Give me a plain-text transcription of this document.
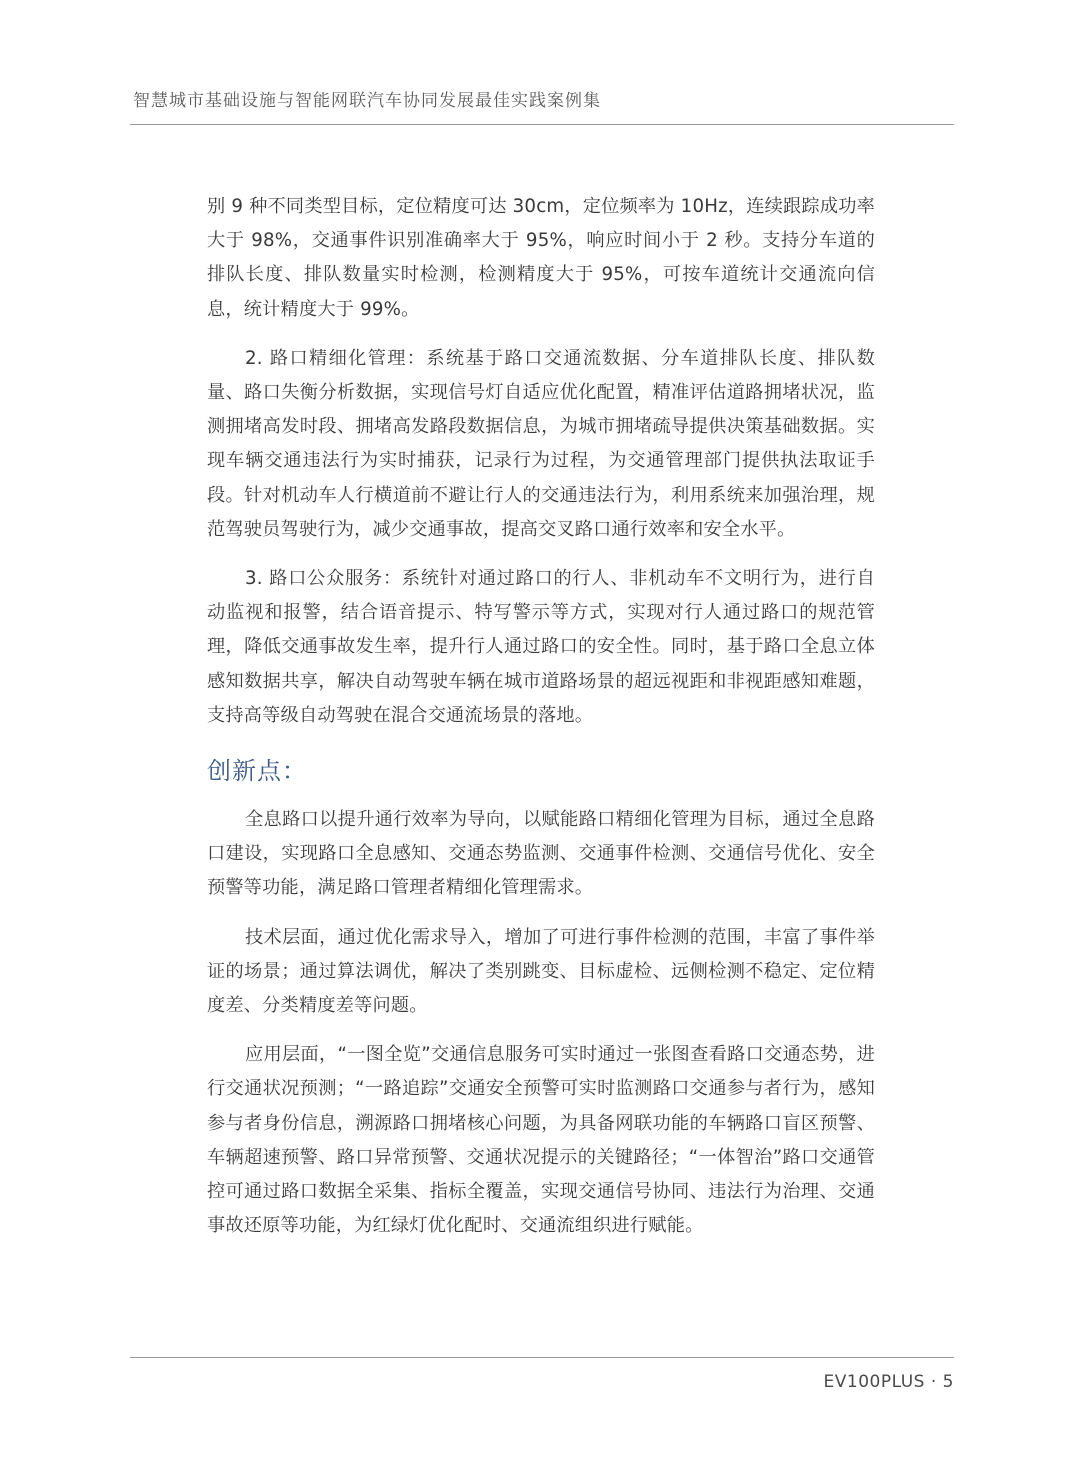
智慧城市基础设施与智能网联汽车协同发展最佳实践案例集

别 9 种不同类型目标，定位精度可达 30cm，定位频率为 10Hz，连续跟踪成功率大于 98%，交通事件识别准确率大于 95%，响应时间小于 2 秒。支持分车道的排队长度、排队数量实时检测，检测精度大于 95%，可按车道统计交通流向信息，统计精度大于 99%。

2. 路口精细化管理：系统基于路口交通流数据、分车道排队长度、排队数量、路口失衡分析数据，实现信号灯自适应优化配置，精准评估道路拥堵状况，监测拥堵高发时段、拥堵高发路段数据信息，为城市拥堵疏导提供决策基础数据。实现车辆交通违法行为实时捕获，记录行为过程，为交通管理部门提供执法取证手段。针对机动车人行横道前不避让行人的交通违法行为，利用系统来加强治理，规范驾驶员驾驶行为，减少交通事故，提高交叉路口通行效率和安全水平。

3. 路口公众服务：系统针对通过路口的行人、非机动车不文明行为，进行自动监视和报警，结合语音提示、特写警示等方式，实现对行人通过路口的规范管理，降低交通事故发生率，提升行人通过路口的安全性。同时，基于路口全息立体感知数据共享，解决自动驾驶车辆在城市道路场景的超远视距和非视距感知难题，支持高等级自动驾驶在混合交通流场景的落地。

创新点：

全息路口以提升通行效率为导向，以赋能路口精细化管理为目标，通过全息路口建设，实现路口全息感知、交通态势监测、交通事件检测、交通信号优化、安全预警等功能，满足路口管理者精细化管理需求。

技术层面，通过优化需求导入，增加了可进行事件检测的范围，丰富了事件举证的场景；通过算法调优，解决了类别跳变、目标虚检、远侧检测不稳定、定位精度差、分类精度差等问题。

应用层面，“一图全览”交通信息服务可实时通过一张图查看路口交通态势，进行交通状况预测；“一路追踪”交通安全预警可实时监测路口交通参与者行为，感知参与者身份信息，溯源路口拥堵核心问题，为具备网联功能的车辆路口盲区预警、车辆超速预警、路口异常预警、交通状况提示的关键路径；“一体智治”路口交通管控可通过路口数据全采集、指标全覆盖，实现交通信号协同、违法行为治理、交通事故还原等功能，为红绿灯优化配时、交通流组织进行赋能。

EV100PLUS · 5
